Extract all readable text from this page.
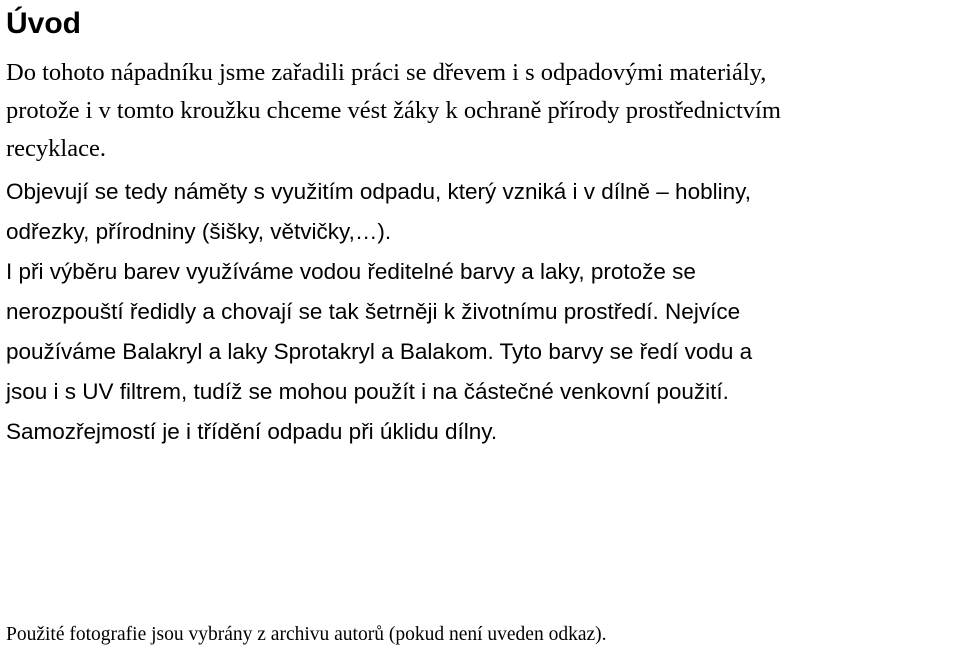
Úvod

Do tohoto nápadníku jsme zařadili práci se dřevem i s odpadovými materiály,

protože i v tomto kroužku chceme vést žáky k ochraně přírody prostřednictvím

recyklace.

Objevují se tedy náměty s využitím odpadu, který vzniká i v dílně – hobliny,

odřezky, přírodniny (šišky, větvičky,…).

I při výběru barev využíváme vodou ředitelné barvy a laky, protože se

nerozpouští ředidly a chovají se tak šetrněji k životnímu prostředí. Nejvíce

používáme Balakryl a laky Sprotakryl a Balakom. Tyto barvy se ředí vodu a

jsou i s UV filtrem, tudíž se mohou použít i na částečné venkovní použití.

Samozřejmostí je i třídění odpadu při úklidu dílny.

Použité fotografie jsou vybrány z archivu autorů (pokud není uveden odkaz).
